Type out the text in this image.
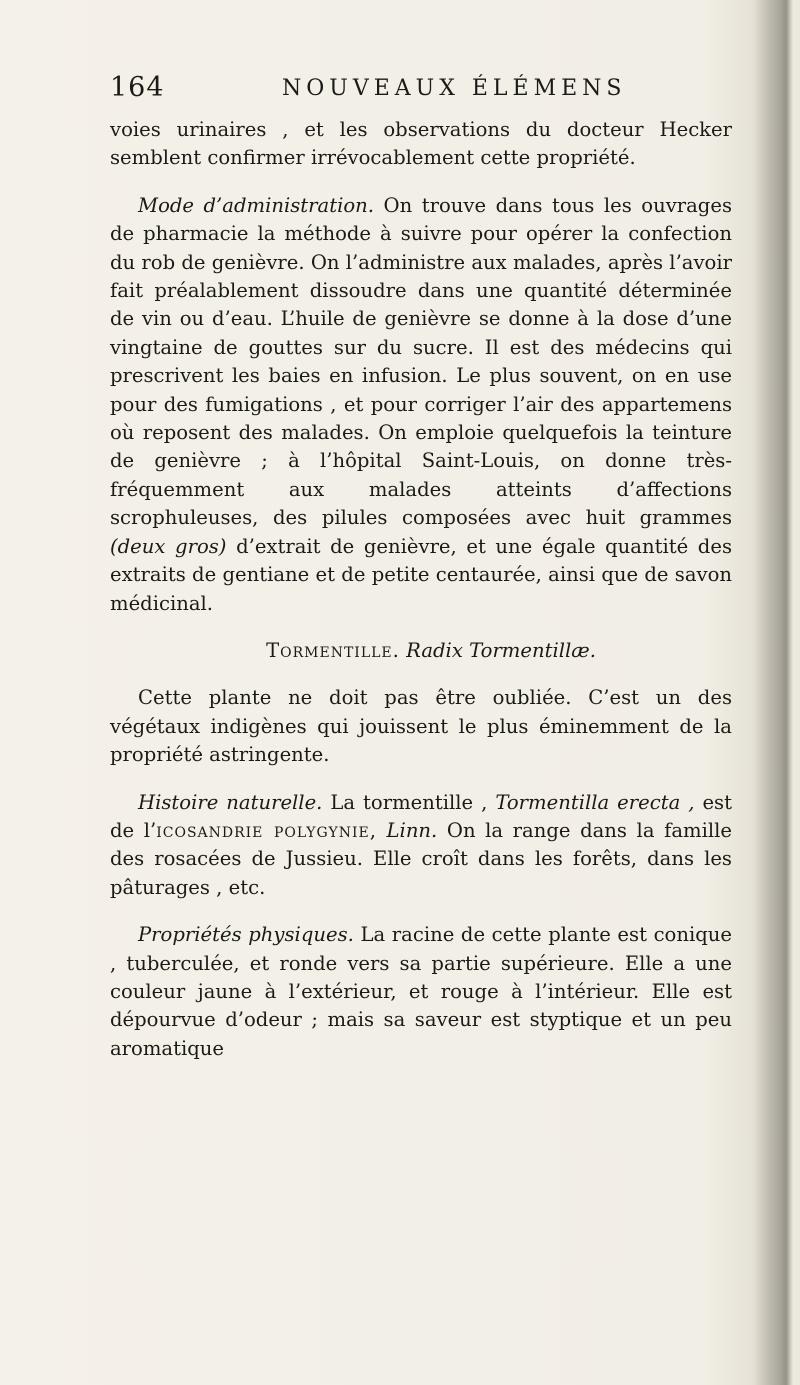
164	NOUVEAUX ÉLÉMENS

voies urinaires , et les observations du docteur Hecker semblent confirmer irrévocablement cette propriété.

Mode d’administration. On trouve dans tous les ouvrages de pharmacie la méthode à suivre pour opérer la confection du rob de genièvre. On l’administre aux malades, après l’avoir fait préalablement dissoudre dans une quantité déterminée de vin ou d’eau. L’huile de genièvre se donne à la dose d’une vingtaine de gouttes sur du sucre. Il est des médecins qui prescrivent les baies en infusion. Le plus souvent, on en use pour des fumigations , et pour corriger l’air des appartemens où reposent des malades. On emploie quelquefois la teinture de genièvre ; à l’hôpital Saint-Louis, on donne très-fréquemment aux malades atteints d’affections scrophuleuses, des pilules composées avec huit grammes (deux gros) d’extrait de genièvre, et une égale quantité des extraits de gentiane et de petite centaurée, ainsi que de savon médicinal.

Tormentille. Radix Tormentillæ.

Cette plante ne doit pas être oubliée. C’est un des végétaux indigènes qui jouissent le plus éminemment de la propriété astringente.

Histoire naturelle. La tormentille , Tormentilla erecta , est de l’icosandrie polygynie, Linn. On la range dans la famille des rosacées de Jussieu. Elle croît dans les forêts, dans les pâturages , etc.

Propriétés physiques. La racine de cette plante est conique , tuberculée, et ronde vers sa partie supérieure. Elle a une couleur jaune à l’extérieur, et rouge à l’intérieur. Elle est dépourvue d’odeur ; mais sa saveur est styptique et un peu aromatique
